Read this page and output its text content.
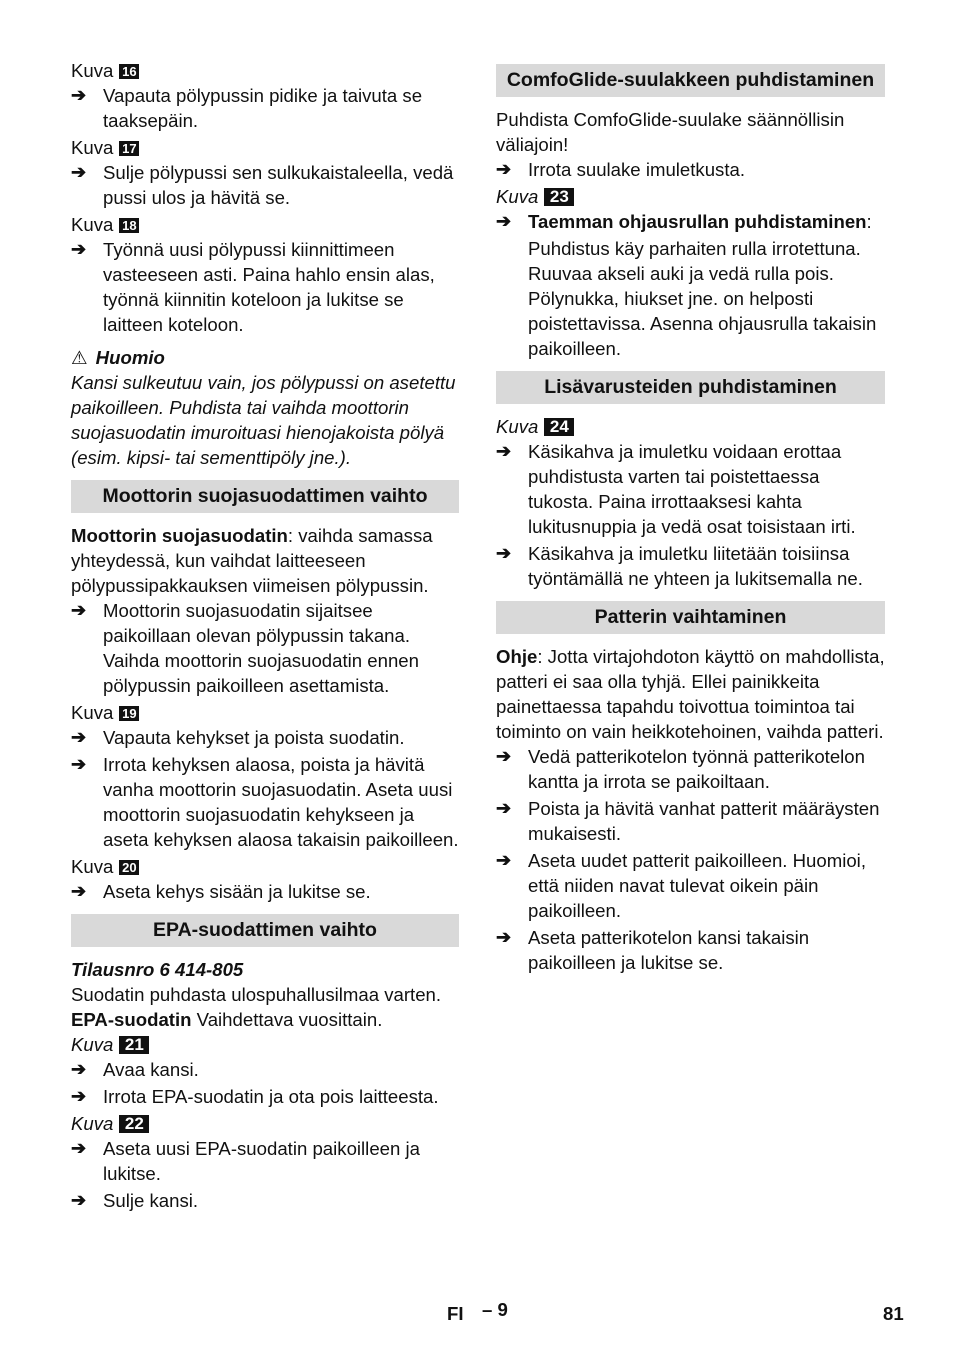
Kuva 16

➔ Vapauta pölypussin pidike ja taivuta se taaksepäin.

Kuva 17

➔ Sulje pölypussi sen sulkukaistaleella, vedä pussi ulos ja hävitä se.

Kuva 18

➔ Työnnä uusi pölypussi kiinnittimeen vasteeseen asti. Paina hahlo ensin alas, työnnä kiinnitin koteloon ja lukitse se laitteen koteloon.

⚠ Huomio

Kansi sulkeutuu vain, jos pölypussi on asetettu paikoilleen. Puhdista tai vaihda moottorin suojasuodatin imuroituasi hienojakoista pölyä (esim. kipsi- tai sementtipöly jne.).

Moottorin suojasuodattimen vaihto

Moottorin suojasuodatin: vaihda samassa yhteydessä, kun vaihdat laitteeseen pölypussipakkauksen viimeisen pölypussin.

➔ Moottorin suojasuodatin sijaitsee paikoillaan olevan pölypussin takana. Vaihda moottorin suojasuodatin ennen pölypussin paikoilleen asettamista.

Kuva 19

➔ Vapauta kehykset ja poista suodatin.
➔ Irrota kehyksen alaosa, poista ja hävitä vanha moottorin suojasuodatin. Aseta uusi moottorin suojasuodatin kehykseen ja aseta kehyksen alaosa takaisin paikoilleen.

Kuva 20

➔ Aseta kehys sisään ja lukitse se.
EPA-suodattimen vaihto

Tilausnro 6 414-805

Suodatin puhdasta ulospuhallusilmaa varten.

EPA-suodatin Vaihdettava vuosittain.

Kuva 21

➔ Avaa kansi.
➔ Irrota EPA-suodatin ja ota pois laitteesta.

Kuva 22

➔ Aseta uusi EPA-suodatin paikoilleen ja lukitse.
➔ Sulje kansi.
ComfoGlide-suulakkeen puhdistaminen

Puhdista ComfoGlide-suulake säännöllisin väliajoin!

➔ Irrota suulake imuletkusta.

Kuva 23

➔ Taemman ohjausrullan puhdistaminen:

Puhdistus käy parhaiten rulla irrotettuna. Ruuvaa akseli auki ja vedä rulla pois. Pölynukka, hiukset jne. on helposti poistettavissa. Asenna ohjausrulla takaisin paikoilleen.

Lisävarusteiden puhdistaminen

Kuva 24

➔ Käsikahva ja imuletku voidaan erottaa puhdistusta varten tai poistettaessa tukosta. Paina irrottaaksesi kahta lukitusnuppia ja vedä osat toisistaan irti.
➔ Käsikahva ja imuletku liitetään toisiinsa työntämällä ne yhteen ja lukitsemalla ne.
Patterin vaihtaminen

Ohje: Jotta virtajohdoton käyttö on mahdollista, patteri ei saa olla tyhjä. Ellei painikkeita painettaessa tapahdu toivottua toimintoa tai toiminto on vain heikkotehoinen, vaihda patteri.

➔ Vedä patterikotelon työnnä patterikotelon kantta ja irrota se paikoiltaan.
➔ Poista ja hävitä vanhat patterit määräysten mukaisesti.
➔ Aseta uudet patterit paikoilleen. Huomioi, että niiden navat tulevat oikein päin paikoilleen.
➔ Aseta patterikotelon kansi takaisin paikoilleen ja lukitse se.
FI – 9	81
